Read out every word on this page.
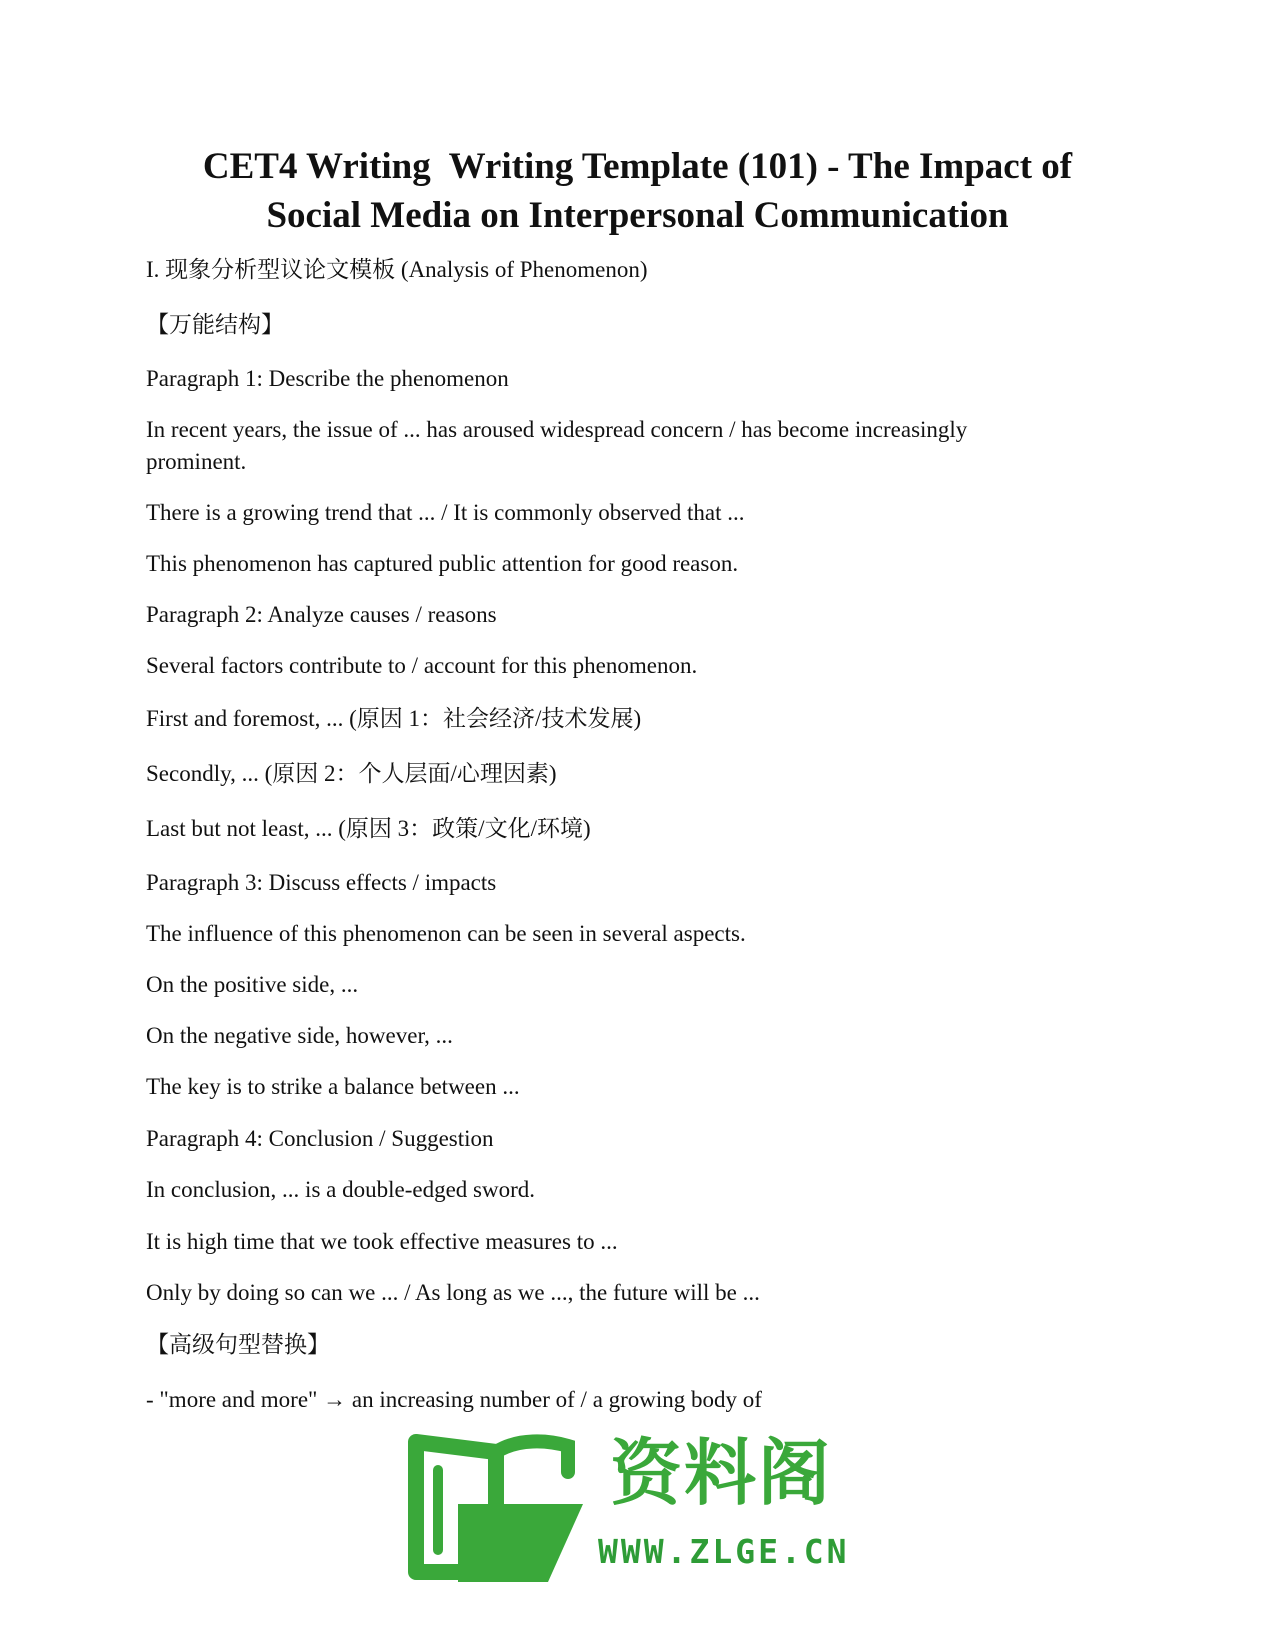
CET4 Writing  Writing Template (101) - The Impact of
Social Media on Interpersonal Communication

I. 现象分析型议论文模板 (Analysis of Phenomenon)

【万能结构】

Paragraph 1: Describe the phenomenon

In recent years, the issue of ... has aroused widespread concern / has become increasingly prominent.

There is a growing trend that ... / It is commonly observed that ...

This phenomenon has captured public attention for good reason.

Paragraph 2: Analyze causes / reasons

Several factors contribute to / account for this phenomenon.

First and foremost, ... (原因 1：社会经济/技术发展)

Secondly, ... (原因 2：个人层面/心理因素)

Last but not least, ... (原因 3：政策/文化/环境)

Paragraph 3: Discuss effects / impacts

The influence of this phenomenon can be seen in several aspects.

On the positive side, ...

On the negative side, however, ...

The key is to strike a balance between ...

Paragraph 4: Conclusion / Suggestion

In conclusion, ... is a double-edged sword.

It is high time that we took effective measures to ...

Only by doing so can we ... / As long as we ..., the future will be ...

【高级句型替换】

- "more and more" → an increasing number of / a growing body of

资料阁
WWW.ZLGE.CN
